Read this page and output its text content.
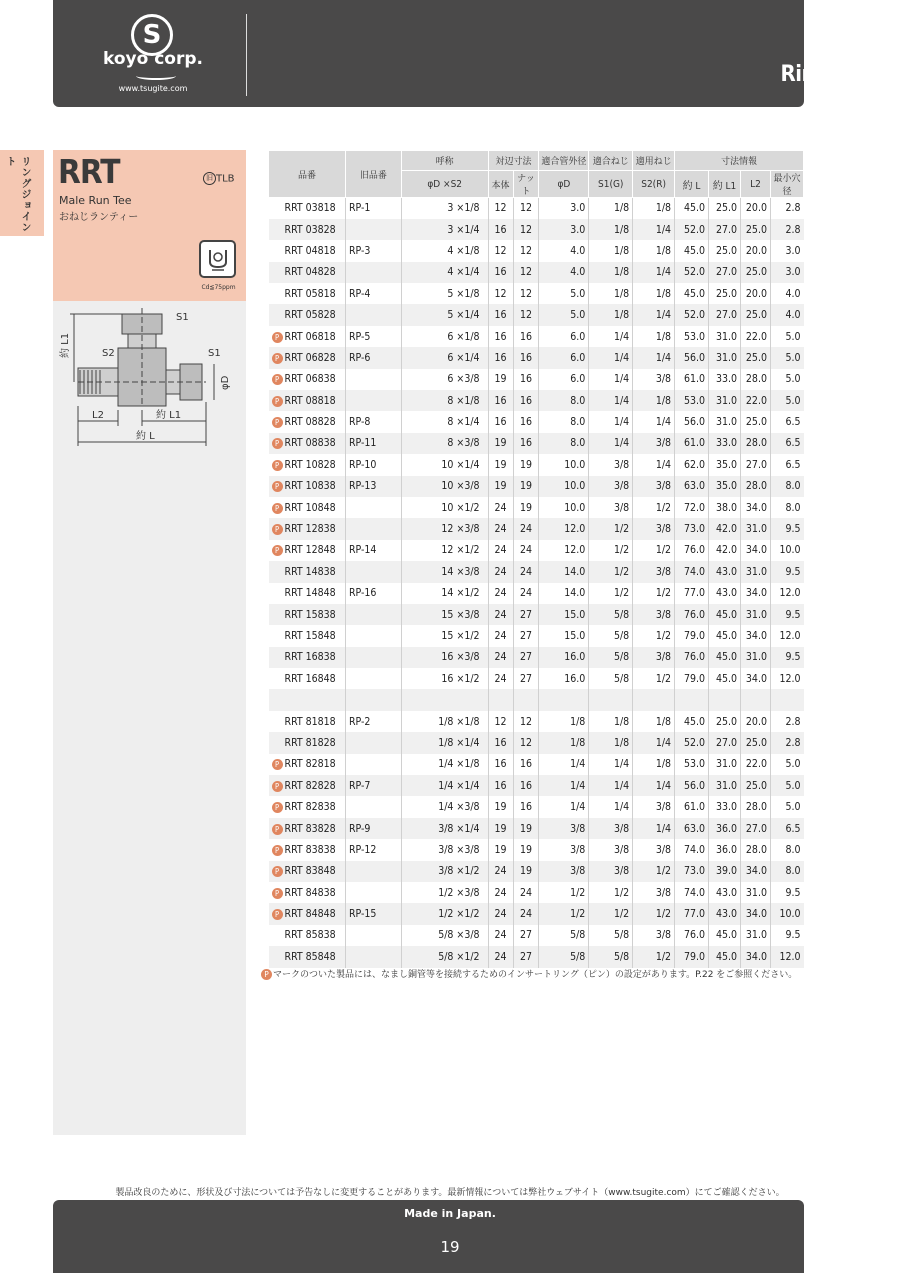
S
koyo corp.
www.tsugite.com
Ring Joint
07-08
リングジョイント	RRT	旧 TLB
Male Run Tee
おねじランティー
Cd≦75ppm
約 L1
S1
S2	S1
L2	約 L1
約 L
φD
品番	旧品番	呼称	対辺寸法		適合管外径	適合ねじ	適用ねじ	寸法情報			
		φD ×S2	本体	ナット	φD	S1(G)	S2(R)	約 L	約 L1	L2	最小穴径
RRT 03818	RP-1	3 ×1/8	12	12	3.0	1/8	1/8	45.0	25.0	20.0	2.8
RRT 03828		3 ×1/4	16	12	3.0	1/8	1/4	52.0	27.0	25.0	2.8
RRT 04818	RP-3	4 ×1/8	12	12	4.0	1/8	1/8	45.0	25.0	20.0	3.0
RRT 04828		4 ×1/4	16	12	4.0	1/8	1/4	52.0	27.0	25.0	3.0
RRT 05818	RP-4	5 ×1/8	12	12	5.0	1/8	1/8	45.0	25.0	20.0	4.0
RRT 05828		5 ×1/4	16	12	5.0	1/8	1/4	52.0	27.0	25.0	4.0
P RRT 06818	RP-5	6 ×1/8	16	16	6.0	1/4	1/8	53.0	31.0	22.0	5.0
P RRT 06828	RP-6	6 ×1/4	16	16	6.0	1/4	1/4	56.0	31.0	25.0	5.0
P RRT 06838		6 ×3/8	19	16	6.0	1/4	3/8	61.0	33.0	28.0	5.0
P RRT 08818		8 ×1/8	16	16	8.0	1/4	1/8	53.0	31.0	22.0	5.0
P RRT 08828	RP-8	8 ×1/4	16	16	8.0	1/4	1/4	56.0	31.0	25.0	6.5
P RRT 08838	RP-11	8 ×3/8	19	16	8.0	1/4	3/8	61.0	33.0	28.0	6.5
P RRT 10828	RP-10	10 ×1/4	19	19	10.0	3/8	1/4	62.0	35.0	27.0	6.5
P RRT 10838	RP-13	10 ×3/8	19	19	10.0	3/8	3/8	63.0	35.0	28.0	8.0
P RRT 10848		10 ×1/2	24	19	10.0	3/8	1/2	72.0	38.0	34.0	8.0
P RRT 12838		12 ×3/8	24	24	12.0	1/2	3/8	73.0	42.0	31.0	9.5
P RRT 12848	RP-14	12 ×1/2	24	24	12.0	1/2	1/2	76.0	42.0	34.0	10.0
RRT 14838		14 ×3/8	24	24	14.0	1/2	3/8	74.0	43.0	31.0	9.5
RRT 14848	RP-16	14 ×1/2	24	24	14.0	1/2	1/2	77.0	43.0	34.0	12.0
RRT 15838		15 ×3/8	24	27	15.0	5/8	3/8	76.0	45.0	31.0	9.5
RRT 15848		15 ×1/2	24	27	15.0	5/8	1/2	79.0	45.0	34.0	12.0
RRT 16838		16 ×3/8	24	27	16.0	5/8	3/8	76.0	45.0	31.0	9.5
RRT 16848		16 ×1/2	24	27	16.0	5/8	1/2	79.0	45.0	34.0	12.0

RRT 81818	RP-2	1/8 ×1/8	12	12	1/8	1/8	1/8	45.0	25.0	20.0	2.8
RRT 81828		1/8 ×1/4	16	12	1/8	1/8	1/4	52.0	27.0	25.0	2.8
P RRT 82818		1/4 ×1/8	16	16	1/4	1/4	1/8	53.0	31.0	22.0	5.0
P RRT 82828	RP-7	1/4 ×1/4	16	16	1/4	1/4	1/4	56.0	31.0	25.0	5.0
P RRT 82838		1/4 ×3/8	19	16	1/4	1/4	3/8	61.0	33.0	28.0	5.0
P RRT 83828	RP-9	3/8 ×1/4	19	19	3/8	3/8	1/4	63.0	36.0	27.0	6.5
P RRT 83838	RP-12	3/8 ×3/8	19	19	3/8	3/8	3/8	74.0	36.0	28.0	8.0
P RRT 83848		3/8 ×1/2	24	19	3/8	3/8	1/2	73.0	39.0	34.0	8.0
P RRT 84838		1/2 ×3/8	24	24	1/2	1/2	3/8	74.0	43.0	31.0	9.5
P RRT 84848	RP-15	1/2 ×1/2	24	24	1/2	1/2	1/2	77.0	43.0	34.0	10.0
RRT 85838		5/8 ×3/8	24	27	5/8	5/8	3/8	76.0	45.0	31.0	9.5
RRT 85848		5/8 ×1/2	24	27	5/8	5/8	1/2	79.0	45.0	34.0	12.0
P マークのついた製品には、なまし銅管等を接続するためのインサートリング（ピン）の設定があります。P.22 をご参照ください。
製品改良のために、形状及び寸法については予告なしに変更することがあります。最新情報については弊社ウェブサイト（www.tsugite.com）にてご確認ください。
Made in Japan.
19
